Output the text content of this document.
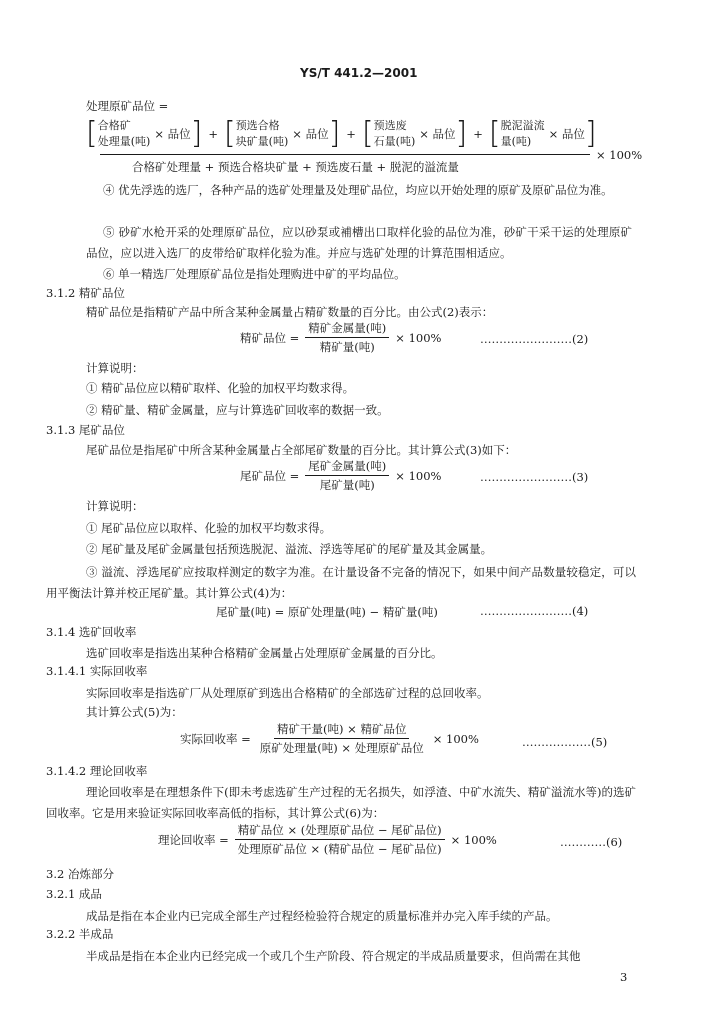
YS/T 441.2—2001
处理原矿品位 =
[ 合格矿
处理量(吨)
× 品位 ] + [ 预选合格
块矿量(吨)
× 品位 ] + [ 预选废
石量(吨)
× 品位 ] + [ 脱泥溢流
量(吨)
× 品位 ]
合格矿处理量 + 预选合格块矿量 + 预选废石量 + 脱泥的溢流量
× 100%
④ 优先浮选的选厂，各种产品的选矿处理量及处理矿品位，均应以开始处理的原矿及原矿品位为准。
⑤ 砂矿水枪开采的处理原矿品位，应以砂泵或補槽出口取样化验的品位为准，砂矿干采干运的处理原矿品位，应以进入选厂的皮带给矿取样化验为准。并应与选矿处理的计算范围相适应。
⑥ 单一精选厂处理原矿品位是指处理购进中矿的平均品位。
3.1.2 精矿品位
精矿品位是指精矿产品中所含某种金属量占精矿数量的百分比。由公式(2)表示：
精矿品位 = $\frac{\text{精矿金属量(吨)}}{\text{精矿量(吨)}} \times 100\%$	……………………(2)
计算说明：
① 精矿品位应以精矿取样、化验的加权平均数求得。
② 精矿量、精矿金属量，应与计算选矿回收率的数据一致。
3.1.3 尾矿品位
尾矿品位是指尾矿中所含某种金属量占全部尾矿数量的百分比。其计算公式(3)如下：
尾矿品位 = $\frac{\text{尾矿金属量(吨)}}{\text{尾矿量(吨)}} \times 100\%$	……………………(3)
计算说明：
① 尾矿品位应以取样、化验的加权平均数求得。
② 尾矿量及尾矿金属量包括预选脱泥、溢流、浮选等尾矿的尾矿量及其金属量。
③ 溢流、浮选尾矿应按取样测定的数字为准。在计量设备不完备的情况下，如果中间产品数量较稳定，可以用平衡法计算并校正尾矿量。其计算公式(4)为：
尾矿量(吨) = 原矿处理量(吨) − 精矿量(吨)	……………………(4)
3.1.4 选矿回收率
选矿回收率是指选出某种合格精矿金属量占处理原矿金属量的百分比。
3.1.4.1 实际回收率
实际回收率是指选矿厂从处理原矿到选出合格精矿的全部选矿过程的总回收率。
其计算公式(5)为：
实际回收率 = $\frac{\text{精矿干量(吨) × 精矿品位}}{\text{原矿处理量(吨) × 处理原矿品位}} \times 100\%$	………………(5)
3.1.4.2 理论回收率
理论回收率是在理想条件下(即未考虑选矿生产过程的无名损失，如浮渣、中矿水流失、精矿溢流水等)的选矿回收率。它是用来验证实际回收率高低的指标，其计算公式(6)为：
理论回收率 = $\frac{\text{精矿品位 × (处理原矿品位 − 尾矿品位)}}{\text{处理原矿品位 × (精矿品位 − 尾矿品位)}} \times 100\%$	…………(6)
3.2 冶炼部分
3.2.1 成品
成品是指在本企业内已完成全部生产过程经检验符合规定的质量标准并办完入库手续的产品。
3.2.2 半成品
半成品是指在本企业内已经完成一个或几个生产阶段、符合规定的半成品质量要求，但尚需在其他
3
